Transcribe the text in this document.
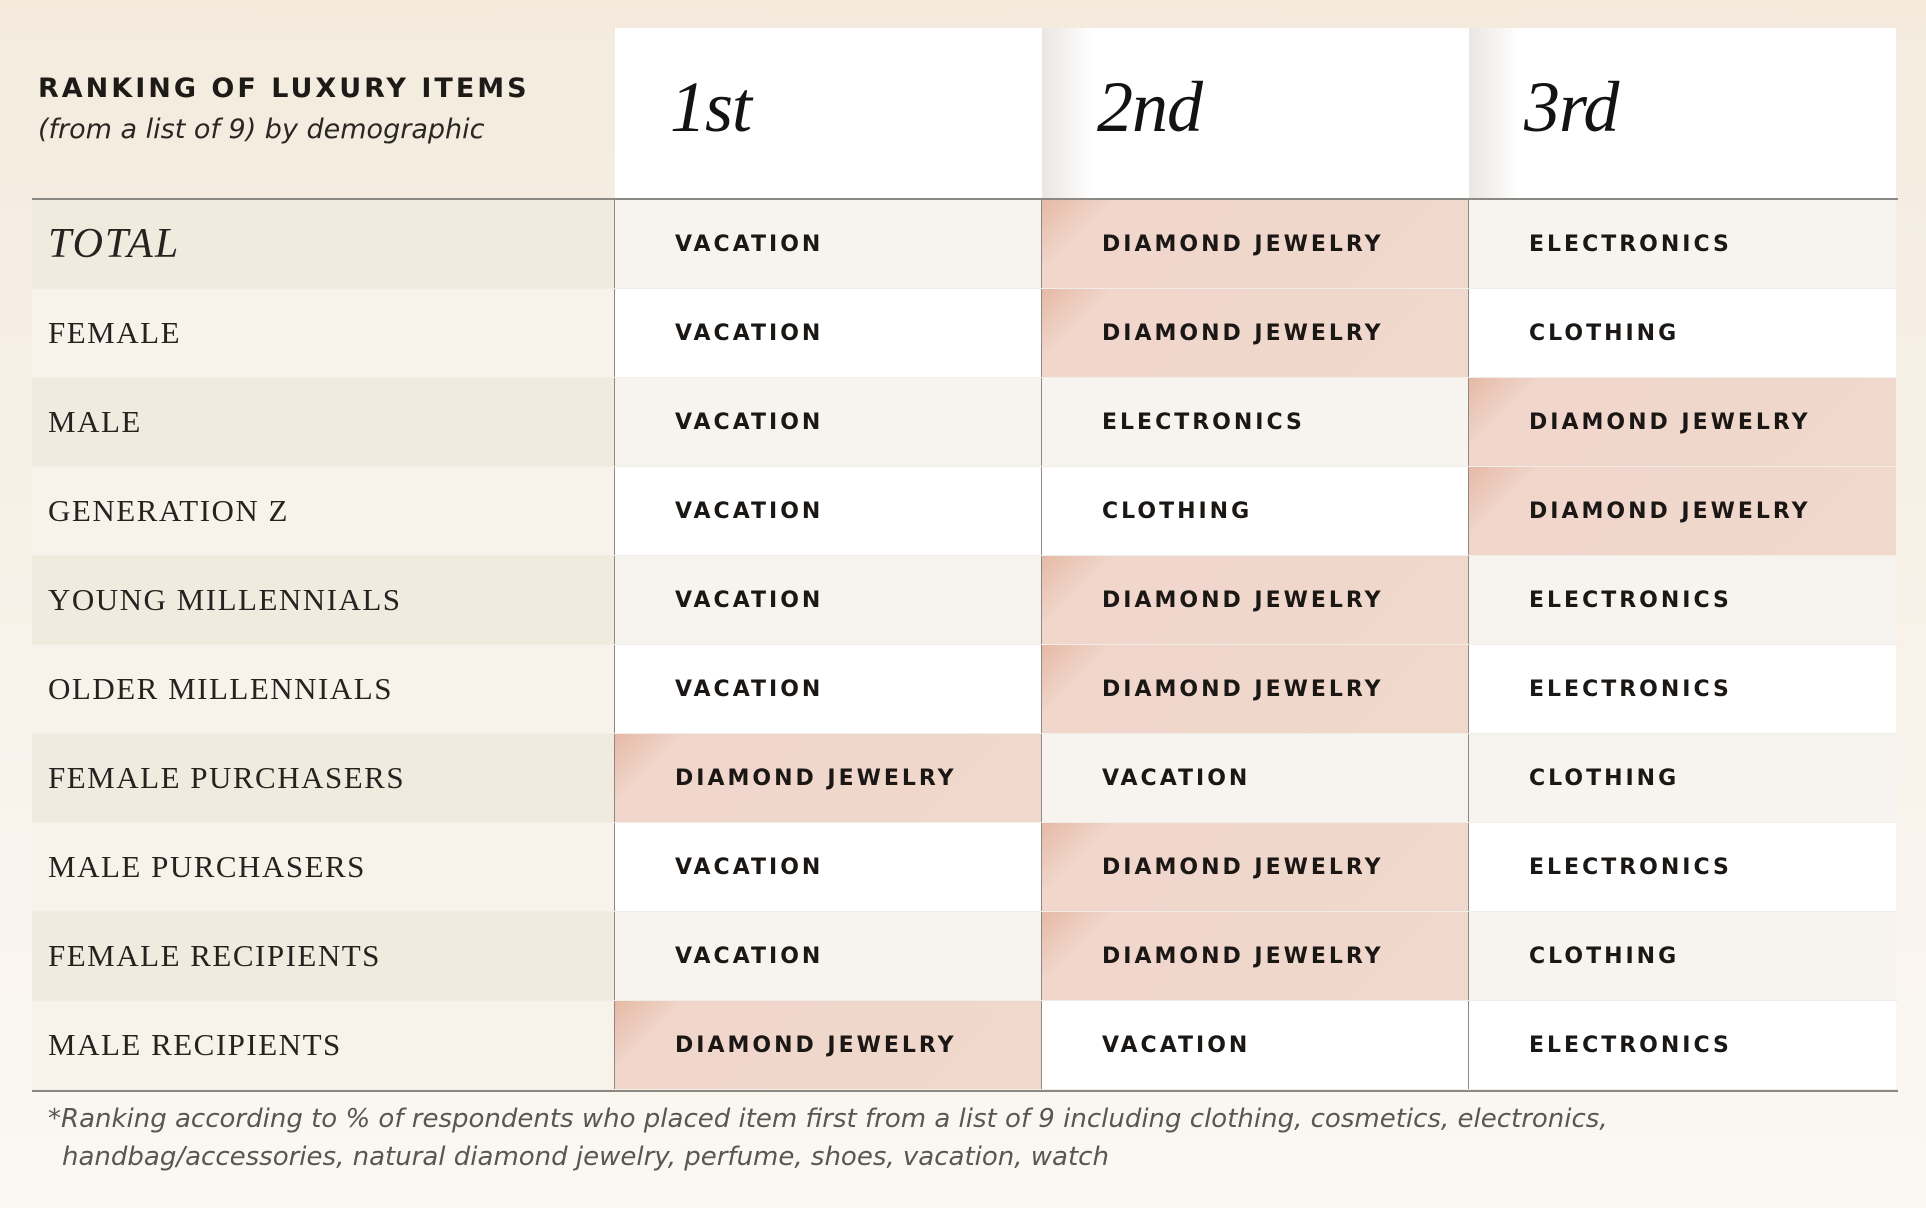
RANKING OF LUXURY ITEMS
(from a list of 9) by demographic	1st	2nd	3rd
TOTAL	VACATION	DIAMOND JEWELRY	ELECTRONICS
FEMALE	VACATION	DIAMOND JEWELRY	CLOTHING
MALE	VACATION	ELECTRONICS	DIAMOND JEWELRY
GENERATION Z	VACATION	CLOTHING	DIAMOND JEWELRY
YOUNG MILLENNIALS	VACATION	DIAMOND JEWELRY	ELECTRONICS
OLDER MILLENNIALS	VACATION	DIAMOND JEWELRY	ELECTRONICS
FEMALE PURCHASERS	DIAMOND JEWELRY	VACATION	CLOTHING
MALE PURCHASERS	VACATION	DIAMOND JEWELRY	ELECTRONICS
FEMALE RECIPIENTS	VACATION	DIAMOND JEWELRY	CLOTHING
MALE RECIPIENTS	DIAMOND JEWELRY	VACATION	ELECTRONICS
*Ranking according to % of respondents who placed item first from a list of 9 including clothing, cosmetics, electronics,
handbag/accessories, natural diamond jewelry, perfume, shoes, vacation, watch
